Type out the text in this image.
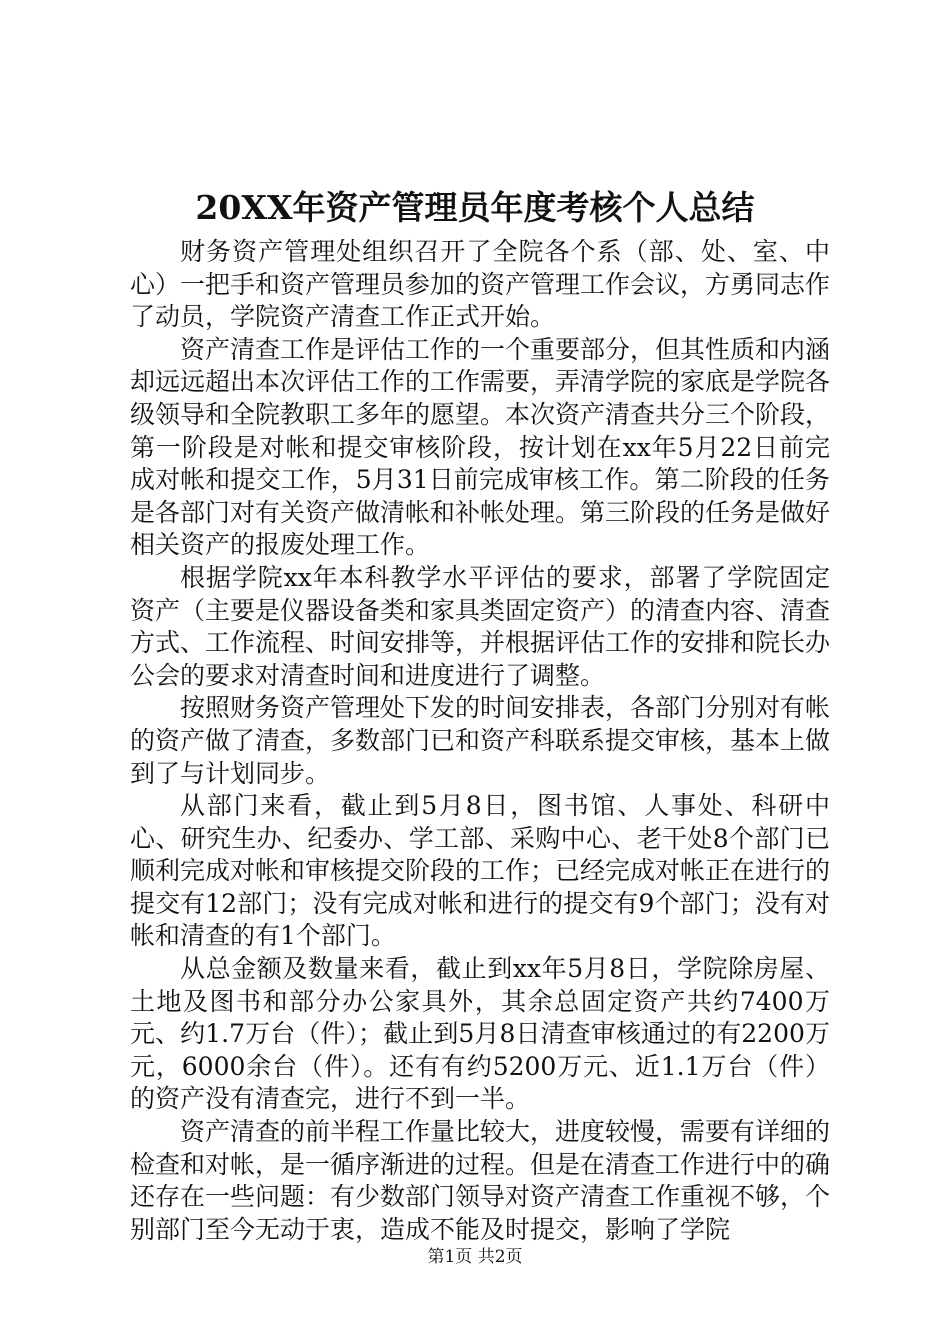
20XX年资产管理员年度考核个人总结

财务资产管理处组织召开了全院各个系（部、处、室、中心）一把手和资产管理员参加的资产管理工作会议，方勇同志作了动员，学院资产清查工作正式开始。

资产清查工作是评估工作的一个重要部分，但其性质和内涵却远远超出本次评估工作的工作需要，弄清学院的家底是学院各级领导和全院教职工多年的愿望。本次资产清查共分三个阶段，第一阶段是对帐和提交审核阶段，按计划在xx年5月22日前完成对帐和提交工作，5月31日前完成审核工作。第二阶段的任务是各部门对有关资产做清帐和补帐处理。第三阶段的任务是做好相关资产的报废处理工作。

根据学院xx年本科教学水平评估的要求，部署了学院固定资产（主要是仪器设备类和家具类固定资产）的清查内容、清查方式、工作流程、时间安排等，并根据评估工作的安排和院长办公会的要求对清查时间和进度进行了调整。

按照财务资产管理处下发的时间安排表，各部门分别对有帐的资产做了清查，多数部门已和资产科联系提交审核，基本上做到了与计划同步。

从部门来看，截止到5月8日，图书馆、人事处、科研中心、研究生办、纪委办、学工部、采购中心、老干处8个部门已顺利完成对帐和审核提交阶段的工作；已经完成对帐正在进行的提交有12部门；没有完成对帐和进行的提交有9个部门；没有对帐和清查的有1个部门。

从总金额及数量来看，截止到xx年5月8日，学院除房屋、土地及图书和部分办公家具外，其余总固定资产共约7400万元、约1.7万台（件）；截止到5月8日清查审核通过的有2200万元，6000余台（件）。还有有约5200万元、近1.1万台（件）的资产没有清查完，进行不到一半。

资产清查的前半程工作量比较大，进度较慢，需要有详细的检查和对帐，是一循序渐进的过程。但是在清查工作进行中的确还存在一些问题：有少数部门领导对资产清查工作重视不够，个别部门至今无动于衷，造成不能及时提交，影响了学院

第1页 共2页
